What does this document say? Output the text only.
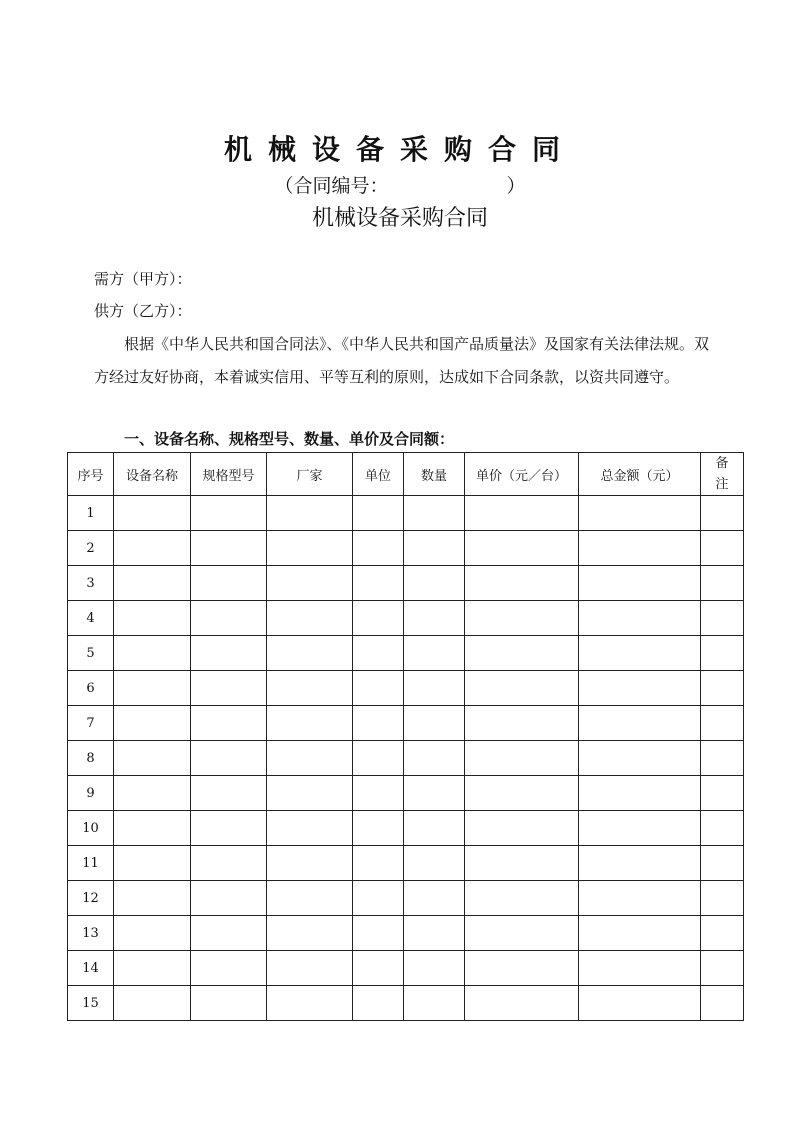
机械设备采购合同
（合同编号：	）
机械设备采购合同
需方（甲方）：
供方（乙方）：
根据《中华人民共和国合同法》、《中华人民共和国产品质量法》及国家有关法律法规。双方经过友好协商，本着诚实信用、平等互利的原则，达成如下合同条款，以资共同遵守。
一、设备名称、规格型号、数量、单价及合同额：
序号	设备名称	规格型号	厂家	单位	数量	单价（元／台）	总金额（元）	备
注
1								
2								
3								
4								
5								
6								
7								
8								
9								
10								
11								
12								
13								
14								
15								
